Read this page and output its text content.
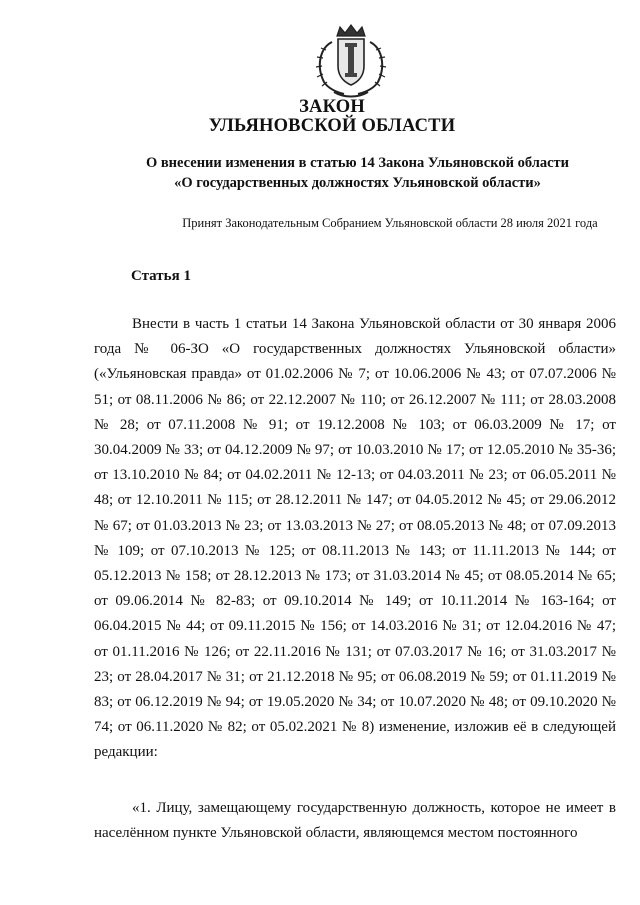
ЗАКОН
УЛЬЯНОВСКОЙ ОБЛАСТИ
О внесении изменения в статью 14 Закона Ульяновской области
«О государственных должностях Ульяновской области»
Принят Законодательным Собранием Ульяновской области 28 июля 2021 года
Статья 1

Внести в часть 1 статьи 14 Закона Ульяновской области от 30 января 2006 года № 06-ЗО «О государственных должностях Ульяновской области» («Ульяновская правда» от 01.02.2006 № 7; от 10.06.2006 № 43; от 07.07.2006 № 51; от 08.11.2006 № 86; от 22.12.2007 № 110; от 26.12.2007 № 111; от 28.03.2008 № 28; от 07.11.2008 № 91; от 19.12.2008 № 103; от 06.03.2009 № 17; от 30.04.2009 № 33; от 04.12.2009 № 97; от 10.03.2010 № 17; от 12.05.2010 № 35-36; от 13.10.2010 № 84; от 04.02.2011 № 12-13; от 04.03.2011 № 23; от 06.05.2011 № 48; от 12.10.2011 № 115; от 28.12.2011 № 147; от 04.05.2012 № 45; от 29.06.2012 № 67; от 01.03.2013 № 23; от 13.03.2013 № 27; от 08.05.2013 № 48; от 07.09.2013 № 109; от 07.10.2013 № 125; от 08.11.2013 № 143; от 11.11.2013 № 144; от 05.12.2013 № 158; от 28.12.2013 № 173; от 31.03.2014 № 45; от 08.05.2014 № 65; от 09.06.2014 № 82-83; от 09.10.2014 № 149; от 10.11.2014 № 163-164; от 06.04.2015 № 44; от 09.11.2015 № 156; от 14.03.2016 № 31; от 12.04.2016 № 47; от 01.11.2016 № 126; от 22.11.2016 № 131; от 07.03.2017 № 16; от 31.03.2017 № 23; от 28.04.2017 № 31; от 21.12.2018 № 95; от 06.08.2019 № 59; от 01.11.2019 № 83; от 06.12.2019 № 94; от 19.05.2020 № 34; от 10.07.2020 № 48; от 09.10.2020 № 74; от 06.11.2020 № 82; от 05.02.2021 № 8) изменение, изложив её в следующей редакции:

«1. Лицу, замещающему государственную должность, которое не имеет в населённом пункте Ульяновской области, являющемся местом постоянного
